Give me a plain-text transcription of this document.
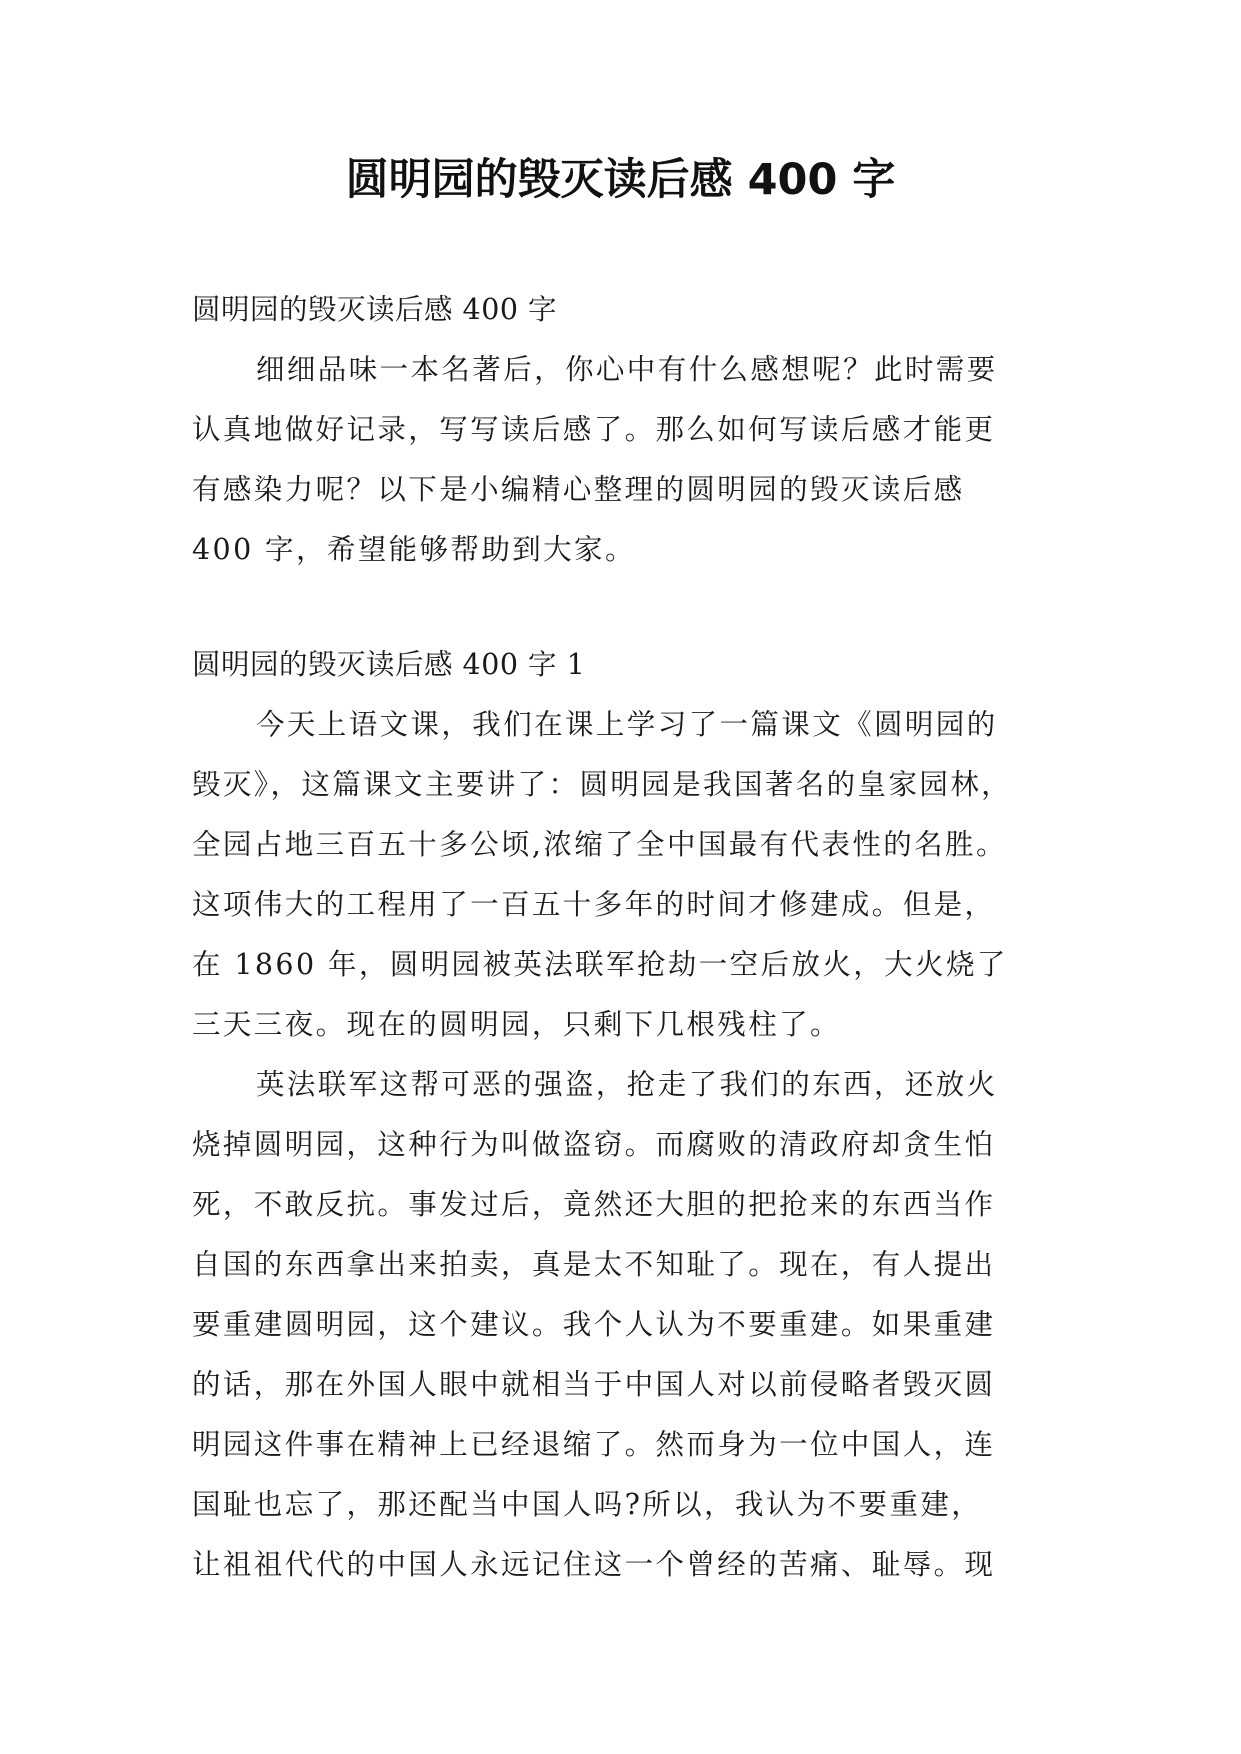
圆明园的毁灭读后感 400 字

圆明园的毁灭读后感 400 字

细细品味一本名著后，你心中有什么感想呢？此时需要

认真地做好记录，写写读后感了。那么如何写读后感才能更

有感染力呢？以下是小编精心整理的圆明园的毁灭读后感

400 字，希望能够帮助到大家。

圆明园的毁灭读后感 400 字 1

今天上语文课，我们在课上学习了一篇课文《圆明园的

毁灭》，这篇课文主要讲了：圆明园是我国著名的皇家园林，

全园占地三百五十多公顷,浓缩了全中国最有代表性的名胜。

这项伟大的工程用了一百五十多年的时间才修建成。但是，

在 1860 年，圆明园被英法联军抢劫一空后放火，大火烧了

三天三夜。现在的圆明园，只剩下几根残柱了。

英法联军这帮可恶的强盗，抢走了我们的东西，还放火

烧掉圆明园，这种行为叫做盗窃。而腐败的清政府却贪生怕

死，不敢反抗。事发过后，竟然还大胆的把抢来的东西当作

自国的东西拿出来拍卖，真是太不知耻了。现在，有人提出

要重建圆明园，这个建议。我个人认为不要重建。如果重建

的话，那在外国人眼中就相当于中国人对以前侵略者毁灭圆

明园这件事在精神上已经退缩了。然而身为一位中国人，连

国耻也忘了，那还配当中国人吗?所以，我认为不要重建，

让祖祖代代的中国人永远记住这一个曾经的苦痛、耻辱。现
